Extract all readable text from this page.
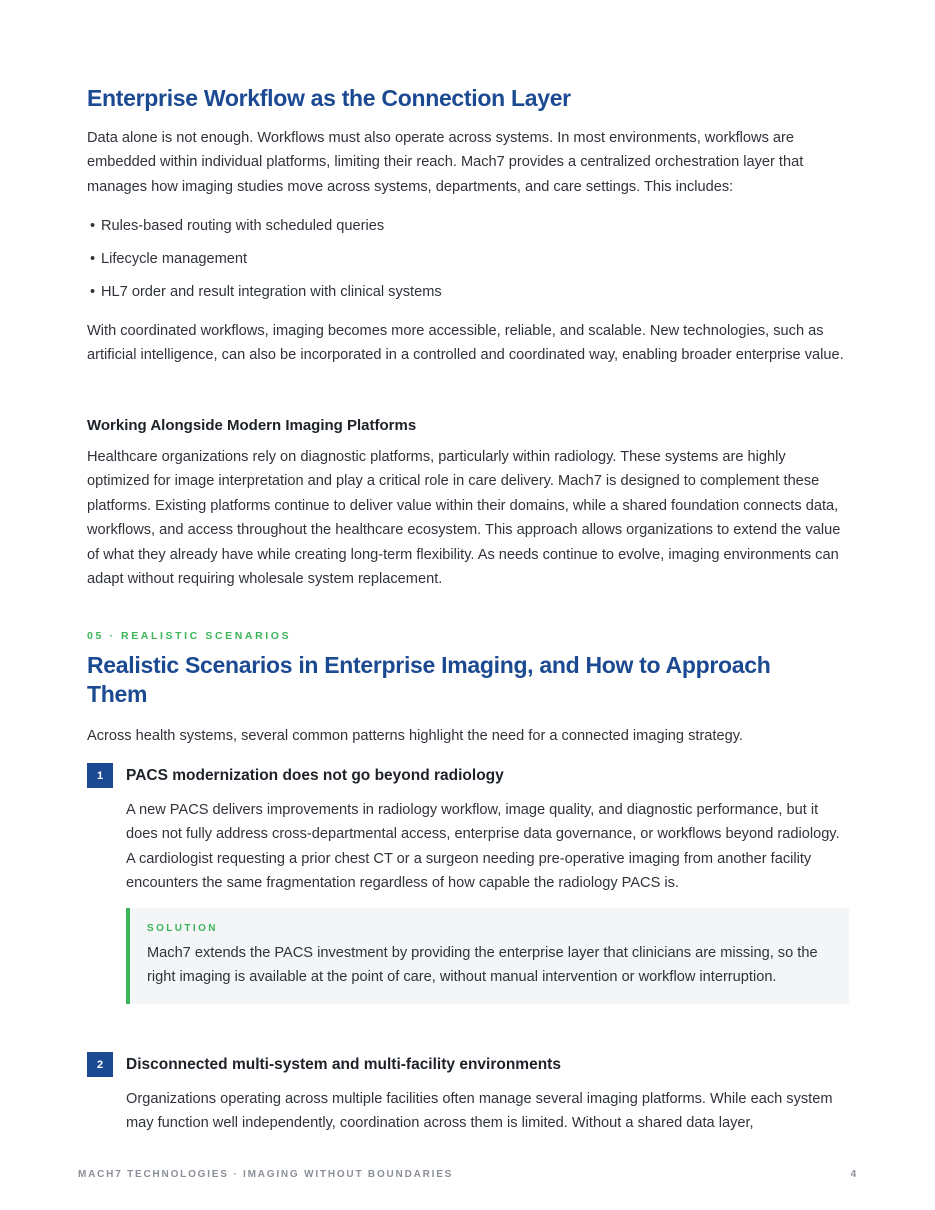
Enterprise Workflow as the Connection Layer

Data alone is not enough. Workflows must also operate across systems. In most environments, workflows are embedded within individual platforms, limiting their reach. Mach7 provides a centralized orchestration layer that manages how imaging studies move across systems, departments, and care settings. This includes:

• Rules-based routing with scheduled queries
• Lifecycle management
• HL7 order and result integration with clinical systems

With coordinated workflows, imaging becomes more accessible, reliable, and scalable. New technologies, such as artificial intelligence, can also be incorporated in a controlled and coordinated way, enabling broader enterprise value.

Working Alongside Modern Imaging Platforms

Healthcare organizations rely on diagnostic platforms, particularly within radiology. These systems are highly optimized for image interpretation and play a critical role in care delivery. Mach7 is designed to complement these platforms. Existing platforms continue to deliver value within their domains, while a shared foundation connects data, workflows, and access throughout the healthcare ecosystem. This approach allows organizations to extend the value of what they already have while creating long-term flexibility. As needs continue to evolve, imaging environments can adapt without requiring wholesale system replacement.

05 · REALISTIC SCENARIOS
Realistic Scenarios in Enterprise Imaging, and How to Approach Them

Across health systems, several common patterns highlight the need for a connected imaging strategy.

1	PACS modernization does not go beyond radiology

A new PACS delivers improvements in radiology workflow, image quality, and diagnostic performance, but it does not fully address cross-departmental access, enterprise data governance, or workflows beyond radiology. A cardiologist requesting a prior chest CT or a surgeon needing pre-operative imaging from another facility encounters the same fragmentation regardless of how capable the radiology PACS is.

SOLUTION

Mach7 extends the PACS investment by providing the enterprise layer that clinicians are missing, so the right imaging is available at the point of care, without manual intervention or workflow interruption.

2	Disconnected multi-system and multi-facility environments

Organizations operating across multiple facilities often manage several imaging platforms. While each system may function well independently, coordination across them is limited. Without a shared data layer,

MACH7 TECHNOLOGIES · IMAGING WITHOUT BOUNDARIES	4
